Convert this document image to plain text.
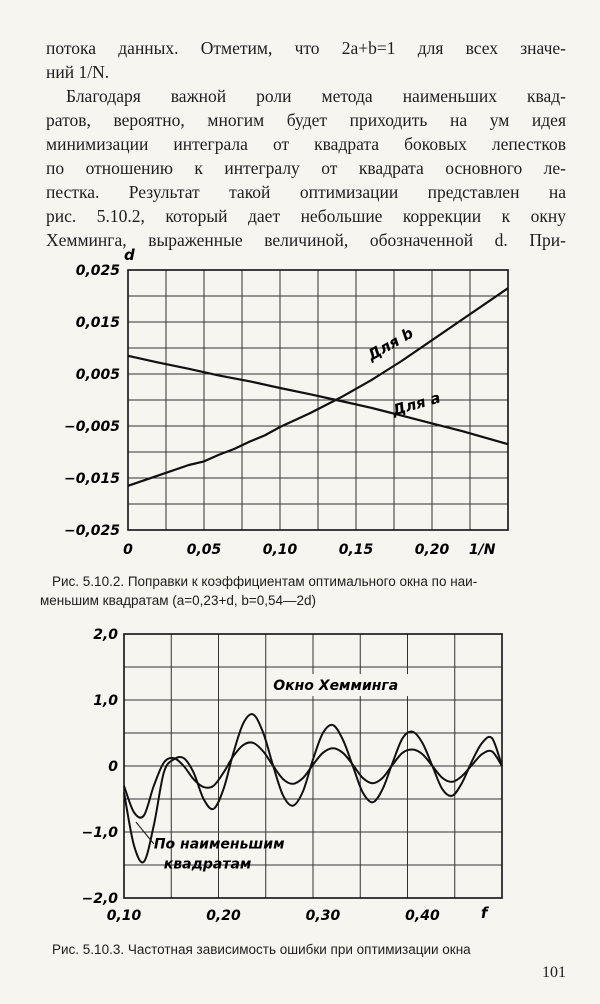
потока данных. Отметим, что 2a+b=1 для всех значе-
ний 1/N.
Благодаря важной роли метода наименьших квад-
ратов, вероятно, многим будет приходить на ум идея
минимизации интеграла от квадрата боковых лепестков
по отношению к интегралу от квадрата основного ле-
пестка. Результат такой оптимизации представлен на
рис. 5.10.2, который дает небольшие коррекции к окну
Хемминга, выраженные величиной, обозначенной d. При-
d
0,025
0,015
0,005
−0,005
−0,015
−0,025
0	0,05	0,10	0,15	0,20 1/N
Для b
Для a
Рис. 5.10.2. Поправки к коэффициентам оптимального окна по наи-
меньшим квадратам (a=0,23+d, b=0,54—2d)
2,0
1,0
0
−1,0
−2,0
0,10	0,20	0,30	0,40	f
Окно Хемминга
По наименьшим
квадратам
Рис. 5.10.3. Частотная зависимость ошибки при оптимизации окна
101
